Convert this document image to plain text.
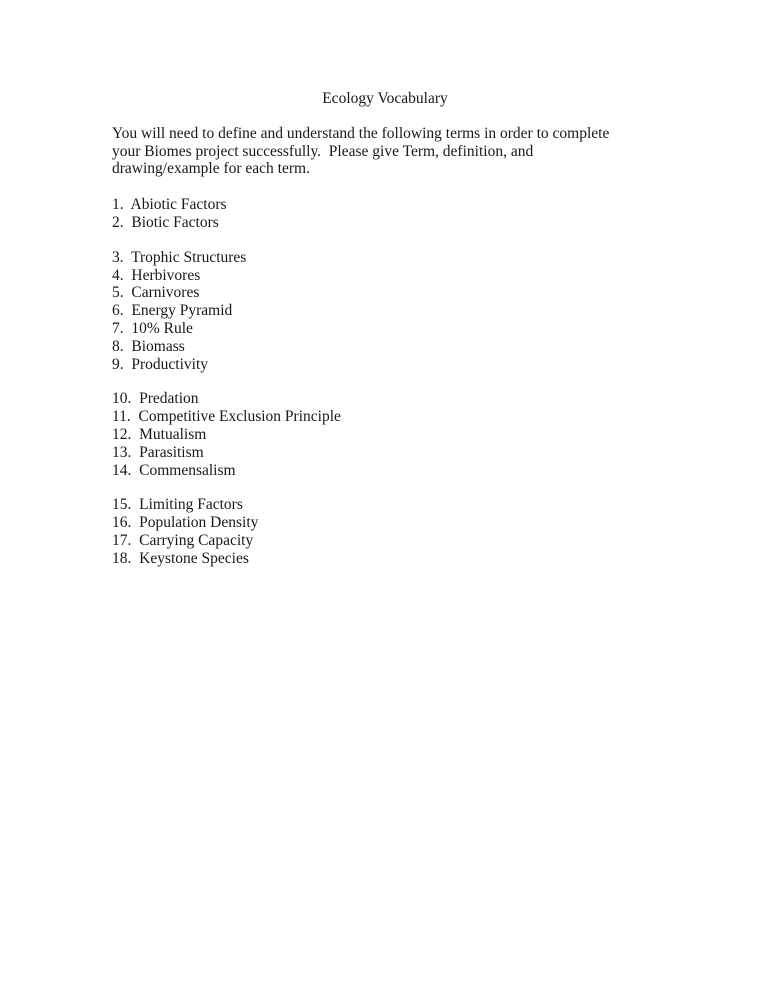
Ecology Vocabulary
You will need to define and understand the following terms in order to complete
your Biomes project successfully.  Please give Term, definition, and
drawing/example for each term.
1.  Abiotic Factors
2.  Biotic Factors
3.  Trophic Structures
4.  Herbivores
5.  Carnivores
6.  Energy Pyramid
7.  10% Rule
8.  Biomass
9.  Productivity
10.  Predation
11.  Competitive Exclusion Principle
12.  Mutualism
13.  Parasitism
14.  Commensalism
15.  Limiting Factors
16.  Population Density
17.  Carrying Capacity
18.  Keystone Species
